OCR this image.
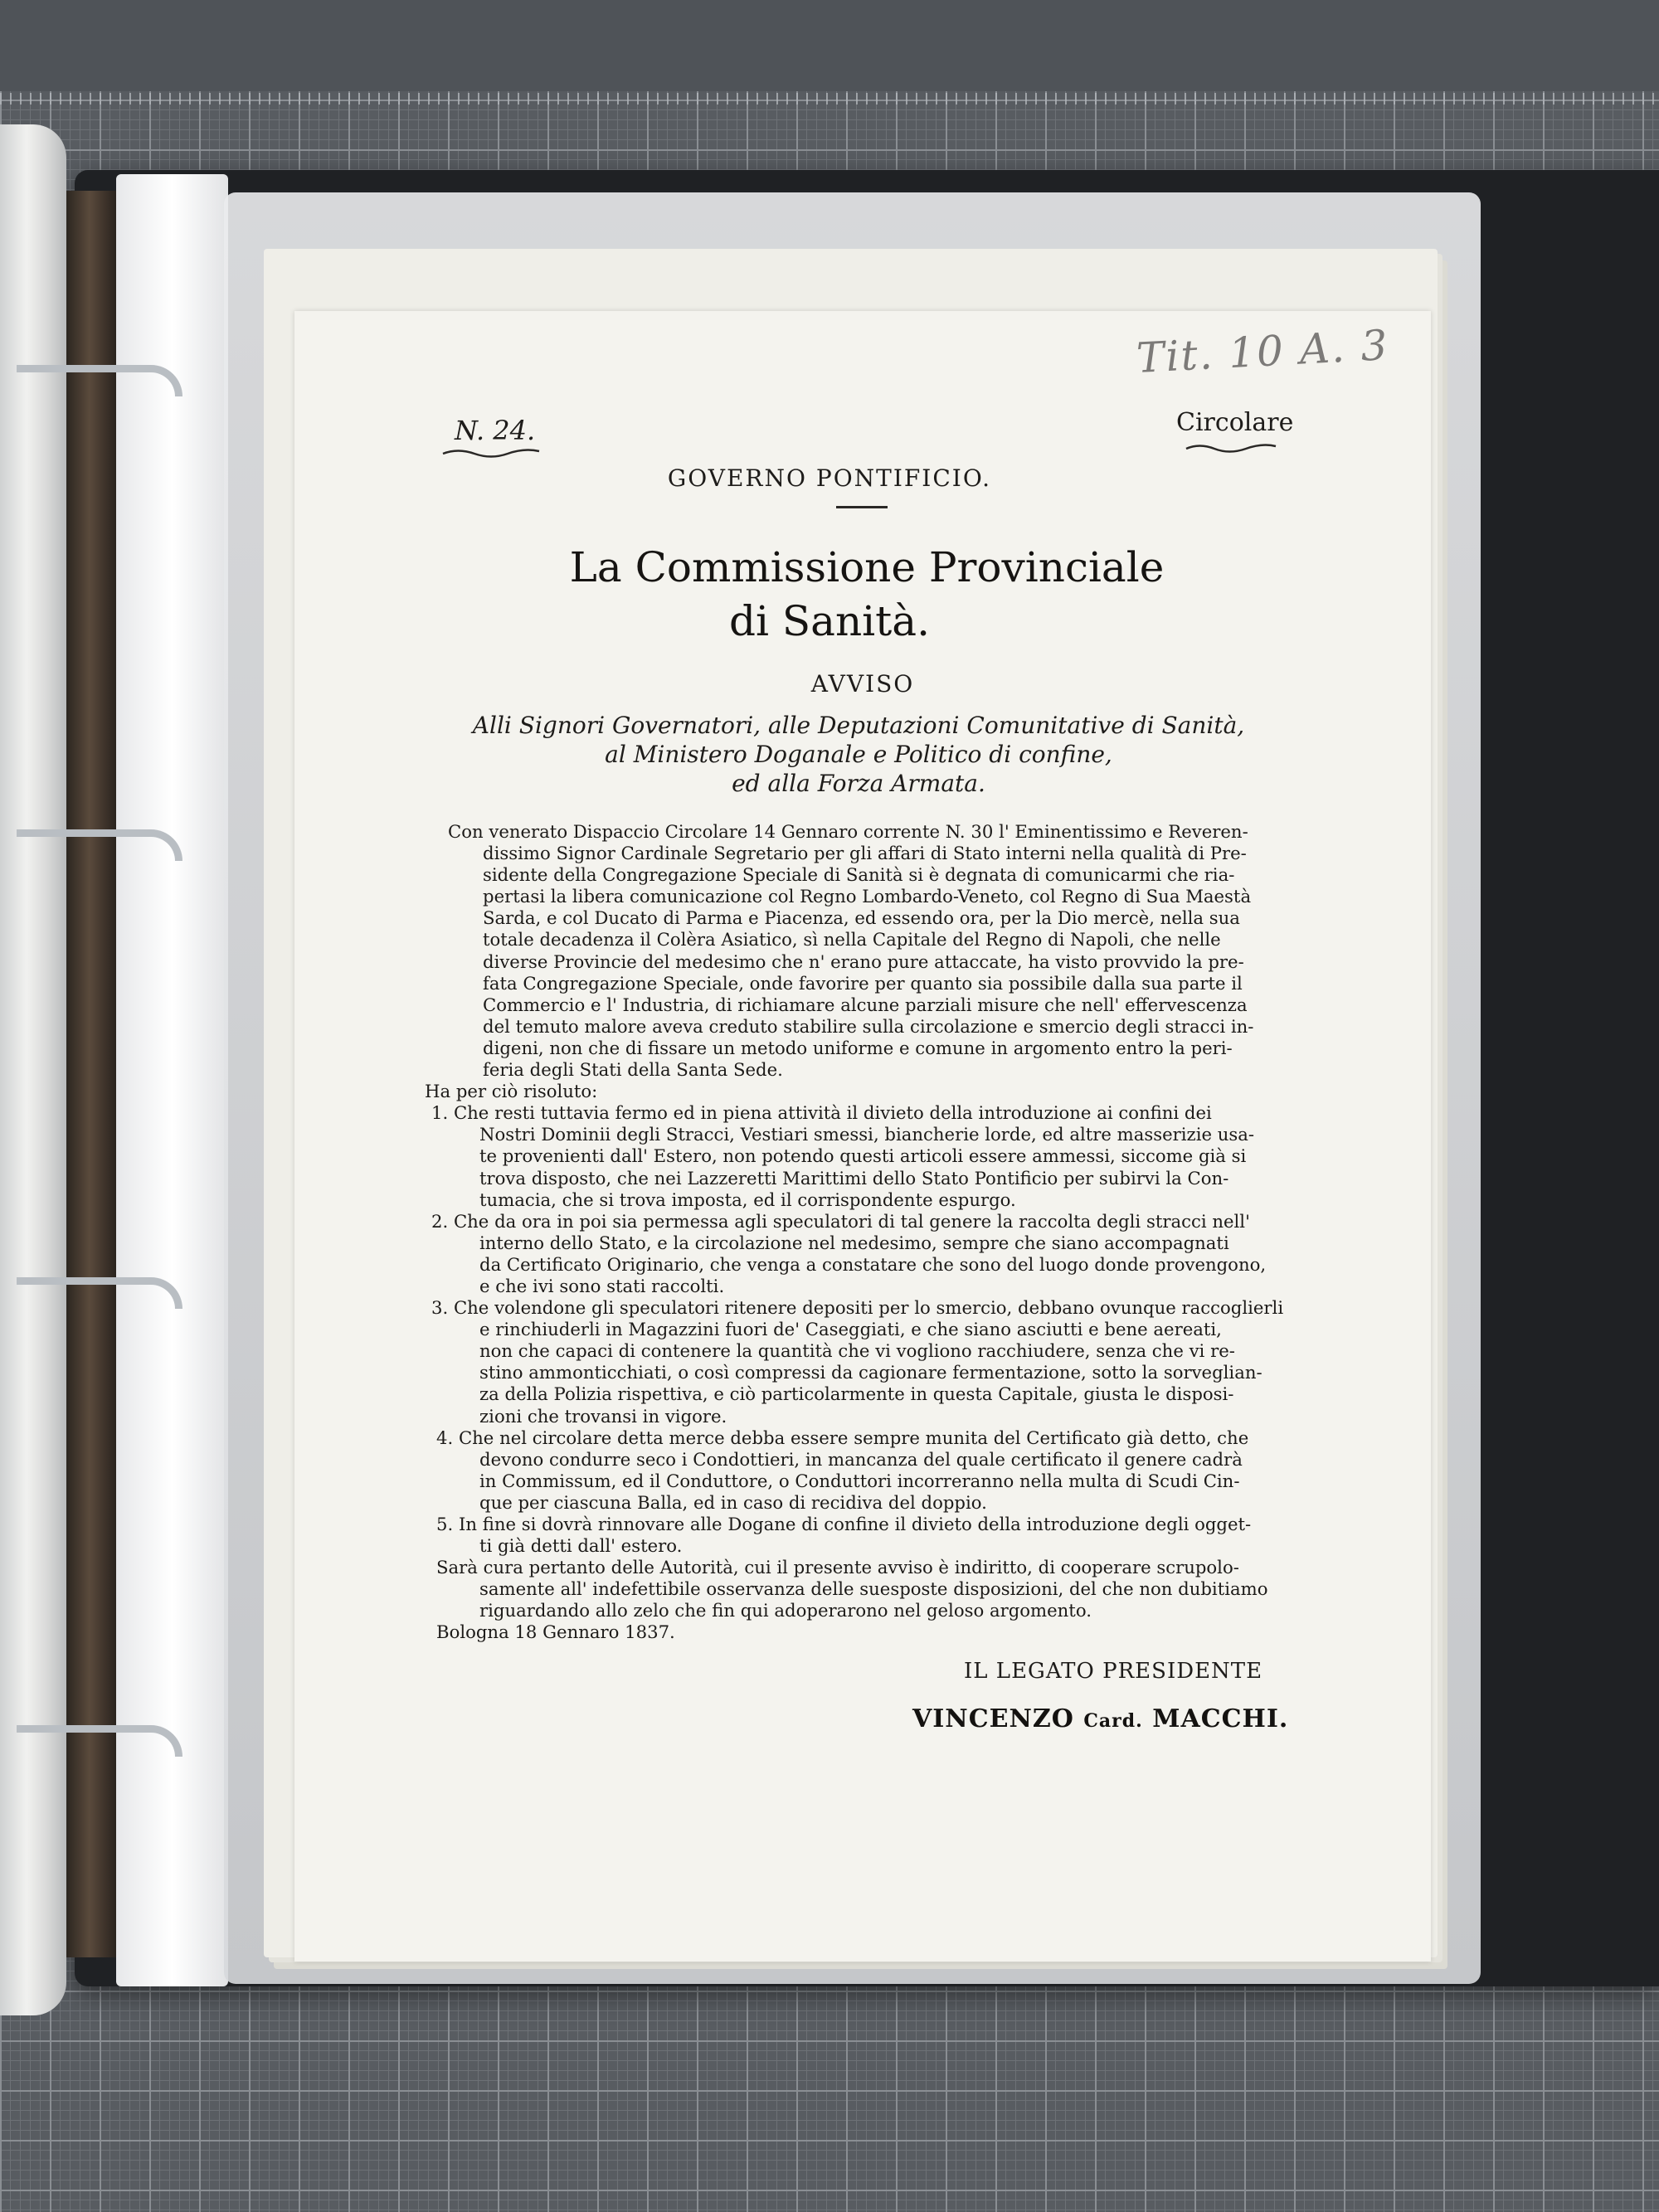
Tit. 10 A. 3
N. 24.	Circolare
GOVERNO PONTIFICIO.
La Commissione Provinciale
di Sanità.
AVVISO
Alli Signori Governatori, alle Deputazioni Comunitative di Sanità,
al Ministero Doganale e Politico di confine,
ed alla Forza Armata.
Con venerato Dispaccio Circolare 14 Gennaro corrente N. 30 l' Eminentissimo e Reveren-
dissimo Signor Cardinale Segretario per gli affari di Stato interni nella qualità di Pre-
sidente della Congregazione Speciale di Sanità si è degnata di comunicarmi che ria-
pertasi la libera comunicazione col Regno Lombardo-Veneto, col Regno di Sua Maestà
Sarda, e col Ducato di Parma e Piacenza, ed essendo ora, per la Dio mercè, nella sua
totale decadenza il Colèra Asiatico, sì nella Capitale del Regno di Napoli, che nelle
diverse Provincie del medesimo che n' erano pure attaccate, ha visto provvido la pre-
fata Congregazione Speciale, onde favorire per quanto sia possibile dalla sua parte il
Commercio e l' Industria, di richiamare alcune parziali misure che nell' effervescenza
del temuto malore aveva creduto stabilire sulla circolazione e smercio degli stracci in-
digeni, non che di fissare un metodo uniforme e comune in argomento entro la peri-
feria degli Stati della Santa Sede.
Ha per ciò risoluto:
1. Che resti tuttavia fermo ed in piena attività il divieto della introduzione ai confini dei
Nostri Dominii degli Stracci, Vestiari smessi, biancherie lorde, ed altre masserizie usa-
te provenienti dall' Estero, non potendo questi articoli essere ammessi, siccome già si
trova disposto, che nei Lazzeretti Marittimi dello Stato Pontificio per subirvi la Con-
tumacia, che si trova imposta, ed il corrispondente espurgo.
2. Che da ora in poi sia permessa agli speculatori di tal genere la raccolta degli stracci nell'
interno dello Stato, e la circolazione nel medesimo, sempre che siano accompagnati
da Certificato Originario, che venga a constatare che sono del luogo donde provengono,
e che ivi sono stati raccolti.
3. Che volendone gli speculatori ritenere depositi per lo smercio, debbano ovunque raccoglierli
e rinchiuderli in Magazzini fuori de' Caseggiati, e che siano asciutti e bene aereati,
non che capaci di contenere la quantità che vi vogliono racchiudere, senza che vi re-
stino ammonticchiati, o così compressi da cagionare fermentazione, sotto la sorveglian-
za della Polizia rispettiva, e ciò particolarmente in questa Capitale, giusta le disposi-
zioni che trovansi in vigore.
4. Che nel circolare detta merce debba essere sempre munita del Certificato già detto, che
devono condurre seco i Condottieri, in mancanza del quale certificato il genere cadrà
in Commissum, ed il Conduttore, o Conduttori incorreranno nella multa di Scudi Cin-
que per ciascuna Balla, ed in caso di recidiva del doppio.
5. In fine si dovrà rinnovare alle Dogane di confine il divieto della introduzione degli ogget-
ti già detti dall' estero.
Sarà cura pertanto delle Autorità, cui il presente avviso è indiritto, di cooperare scrupolo-
samente all' indefettibile osservanza delle suesposte disposizioni, del che non dubitiamo
riguardando allo zelo che fin qui adoperarono nel geloso argomento.
Bologna 18 Gennaro 1837.
IL LEGATO PRESIDENTE
VINCENZO Card. MACCHI.
